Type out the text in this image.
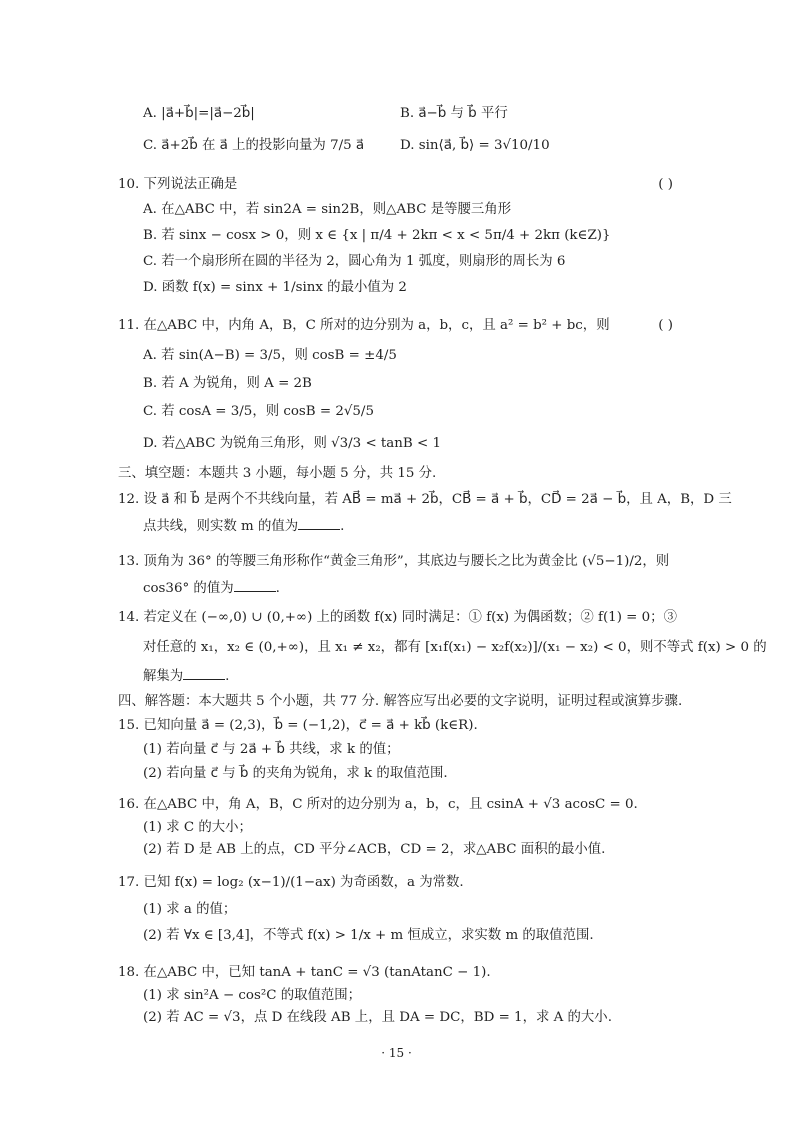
A. |a⃗+b⃗|=|a⃗−2b⃗|	B. a⃗−b⃗ 与 b⃗ 平行
C. a⃗+2b⃗ 在 a⃗ 上的投影向量为 7/5 a⃗	D. sin⟨a⃗, b⃗⟩ = 3√10/10
10. 下列说法正确是	( )
A. 在△ABC 中，若 sin2A = sin2B，则△ABC 是等腰三角形
B. 若 sinx − cosx > 0，则 x ∈ {x | π/4 + 2kπ < x < 5π/4 + 2kπ (k∈Z)}
C. 若一个扇形所在圆的半径为 2，圆心角为 1 弧度，则扇形的周长为 6
D. 函数 f(x) = sinx + 1/sinx 的最小值为 2
11. 在△ABC 中，内角 A，B，C 所对的边分别为 a，b，c，且 a² = b² + bc，则	( )
A. 若 sin(A−B) = 3/5，则 cosB = ±4/5
B. 若 A 为锐角，则 A = 2B
C. 若 cosA = 3/5，则 cosB = 2√5/5
D. 若△ABC 为锐角三角形，则 √3/3 < tanB < 1
三、填空题：本题共 3 小题，每小题 5 分，共 15 分.
12. 设 a⃗ 和 b⃗ 是两个不共线向量，若 AB⃗ = ma⃗ + 2b⃗，CB⃗ = a⃗ + b⃗，CD⃗ = 2a⃗ − b⃗，且 A，B，D 三
点共线，则实数 m 的值为	.
13. 顶角为 36° 的等腰三角形称作“黄金三角形”，其底边与腰长之比为黄金比 (√5−1)/2，则
cos36° 的值为	.
14. 若定义在 (−∞,0) ∪ (0,+∞) 上的函数 f(x) 同时满足：① f(x) 为偶函数；② f(1) = 0；③
对任意的 x₁，x₂ ∈ (0,+∞)，且 x₁ ≠ x₂，都有 [x₁f(x₁) − x₂f(x₂)]/(x₁ − x₂) < 0，则不等式 f(x) > 0 的
解集为	.
四、解答题：本大题共 5 个小题，共 77 分. 解答应写出必要的文字说明，证明过程或演算步骤.
15. 已知向量 a⃗ = (2,3)，b⃗ = (−1,2)，c⃗ = a⃗ + kb⃗ (k∈R).
(1) 若向量 c⃗ 与 2a⃗ + b⃗ 共线，求 k 的值；
(2) 若向量 c⃗ 与 b⃗ 的夹角为锐角，求 k 的取值范围.
16. 在△ABC 中，角 A，B，C 所对的边分别为 a，b，c，且 csinA + √3 acosC = 0.
(1) 求 C 的大小；
(2) 若 D 是 AB 上的点，CD 平分∠ACB，CD = 2，求△ABC 面积的最小值.
17. 已知 f(x) = log₂ (x−1)/(1−ax) 为奇函数，a 为常数.
(1) 求 a 的值；
(2) 若 ∀x ∈ [3,4]，不等式 f(x) > 1/x + m 恒成立，求实数 m 的取值范围.
18. 在△ABC 中，已知 tanA + tanC = √3 (tanAtanC − 1).
(1) 求 sin²A − cos²C 的取值范围；
(2) 若 AC = √3，点 D 在线段 AB 上，且 DA = DC，BD = 1，求 A 的大小.
· 15 ·
